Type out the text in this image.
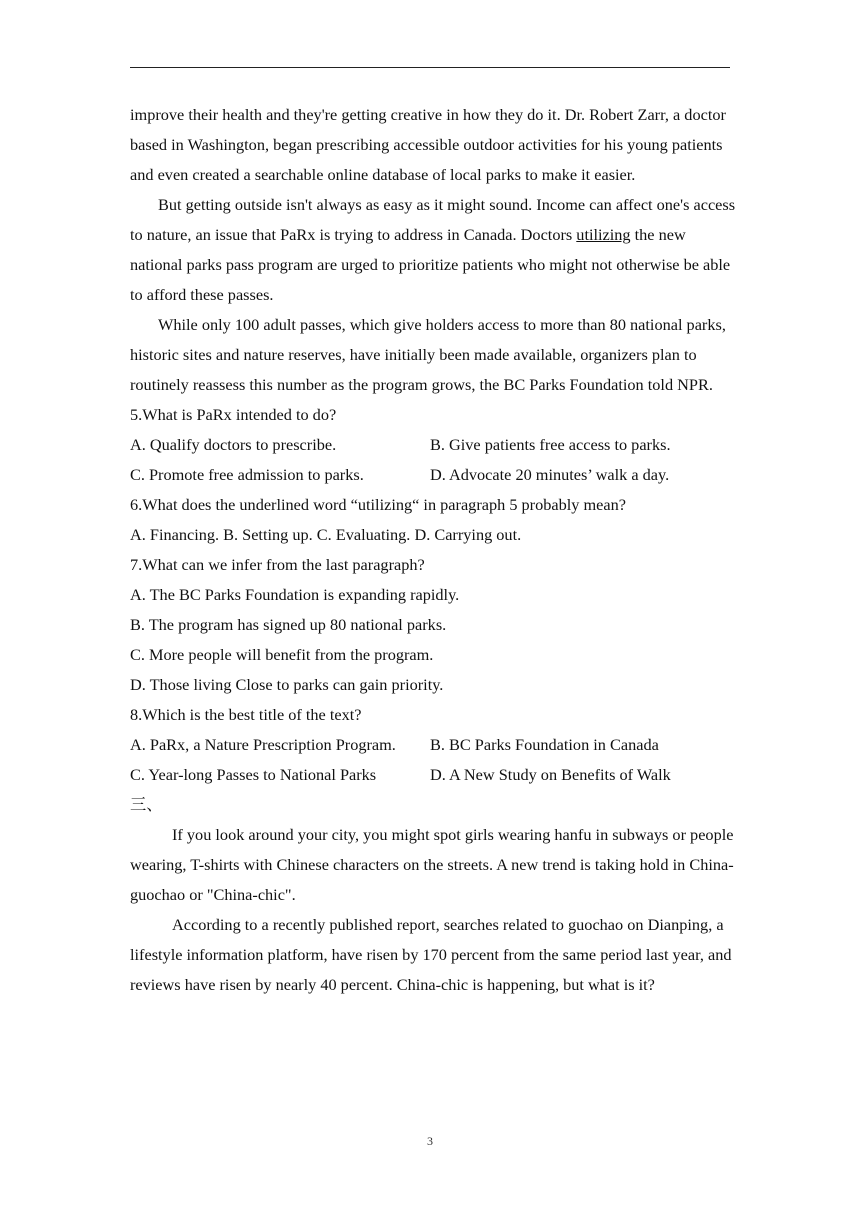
improve their health and they're getting creative in how they do it. Dr. Robert Zarr, a doctor based in Washington, began prescribing accessible outdoor activities for his young patients and even created a searchable online database of local parks to make it easier.

But getting outside isn't always as easy as it might sound. Income can affect one's access to nature, an issue that PaRx is trying to address in Canada. Doctors utilizing the new national parks pass program are urged to prioritize patients who might not otherwise be able to afford these passes.

While only 100 adult passes, which give holders access to more than 80 national parks, historic sites and nature reserves, have initially been made available, organizers plan to routinely reassess this number as the program grows, the BC Parks Foundation told NPR.

5.What is PaRx intended to do?

A. Qualify doctors to prescribe.	B. Give patients free access to parks.
C. Promote free admission to parks.	D. Advocate 20 minutes’ walk a day.

6.What does the underlined word “utilizing“ in paragraph 5 probably mean?

A. Financing. B. Setting up. C. Evaluating. D. Carrying out.

7.What can we infer from the last paragraph?

A. The BC Parks Foundation is expanding rapidly.

B. The program has signed up 80 national parks.

C. More people will benefit from the program.

D. Those living Close to parks can gain priority.

8.Which is the best title of the text?

A. PaRx, a Nature Prescription Program.	B. BC Parks Foundation in Canada
C. Year-long Passes to National Parks	D. A New Study on Benefits of Walk

三、

If you look around your city, you might spot girls wearing hanfu in subways or people wearing, T-shirts with Chinese characters on the streets. A new trend is taking hold in China-guochao or "China-chic".

According to a recently published report, searches related to guochao on Dianping, a lifestyle information platform, have risen by 170 percent from the same period last year, and reviews have risen by nearly 40 percent. China-chic is happening, but what is it?

3
